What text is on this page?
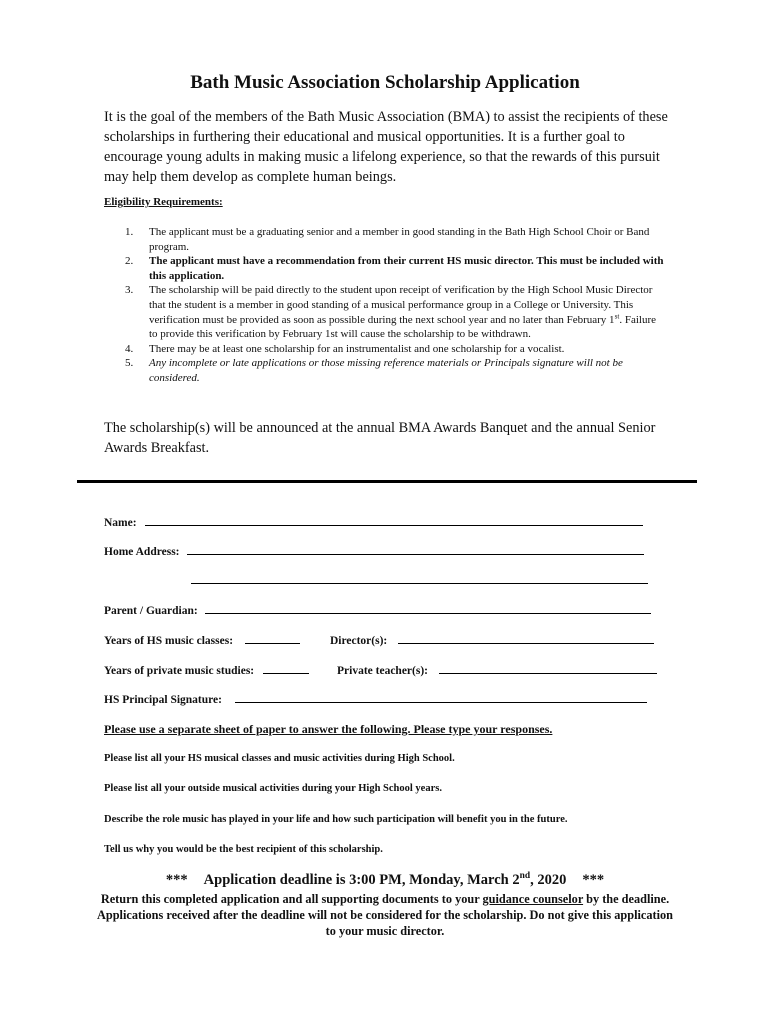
Bath Music Association Scholarship Application
It is the goal of the members of the Bath Music Association (BMA) to assist the recipients of these scholarships in furthering their educational and musical opportunities. It is a further goal to encourage young adults in making music a lifelong experience, so that the rewards of this pursuit may help them develop as complete human beings.
Eligibility Requirements:
1. The applicant must be a graduating senior and a member in good standing in the Bath High School Choir or Band program.
2. The applicant must have a recommendation from their current HS music director. This must be included with this application.
3. The scholarship will be paid directly to the student upon receipt of verification by the High School Music Director that the student is a member in good standing of a musical performance group in a College or University. This verification must be provided as soon as possible during the next school year and no later than February 1st. Failure to provide this verification by February 1st will cause the scholarship to be withdrawn.
4. There may be at least one scholarship for an instrumentalist and one scholarship for a vocalist.
5. Any incomplete or late applications or those missing reference materials or Principals signature will not be considered.
The scholarship(s) will be announced at the annual BMA Awards Banquet and the annual Senior Awards Breakfast.
Name:
Home Address:
Parent / Guardian:
Years of HS music classes:	Director(s):
Years of private music studies:	Private teacher(s):
HS Principal Signature:
Please use a separate sheet of paper to answer the following. Please type your responses.
Please list all your HS musical classes and music activities during High School.
Please list all your outside musical activities during your High School years.
Describe the role music has played in your life and how such participation will benefit you in the future.
Tell us why you would be the best recipient of this scholarship.
*** Application deadline is 3:00 PM, Monday, March 2nd, 2020 ***
Return this completed application and all supporting documents to your guidance counselor by the deadline. Applications received after the deadline will not be considered for the scholarship. Do not give this application to your music director.
